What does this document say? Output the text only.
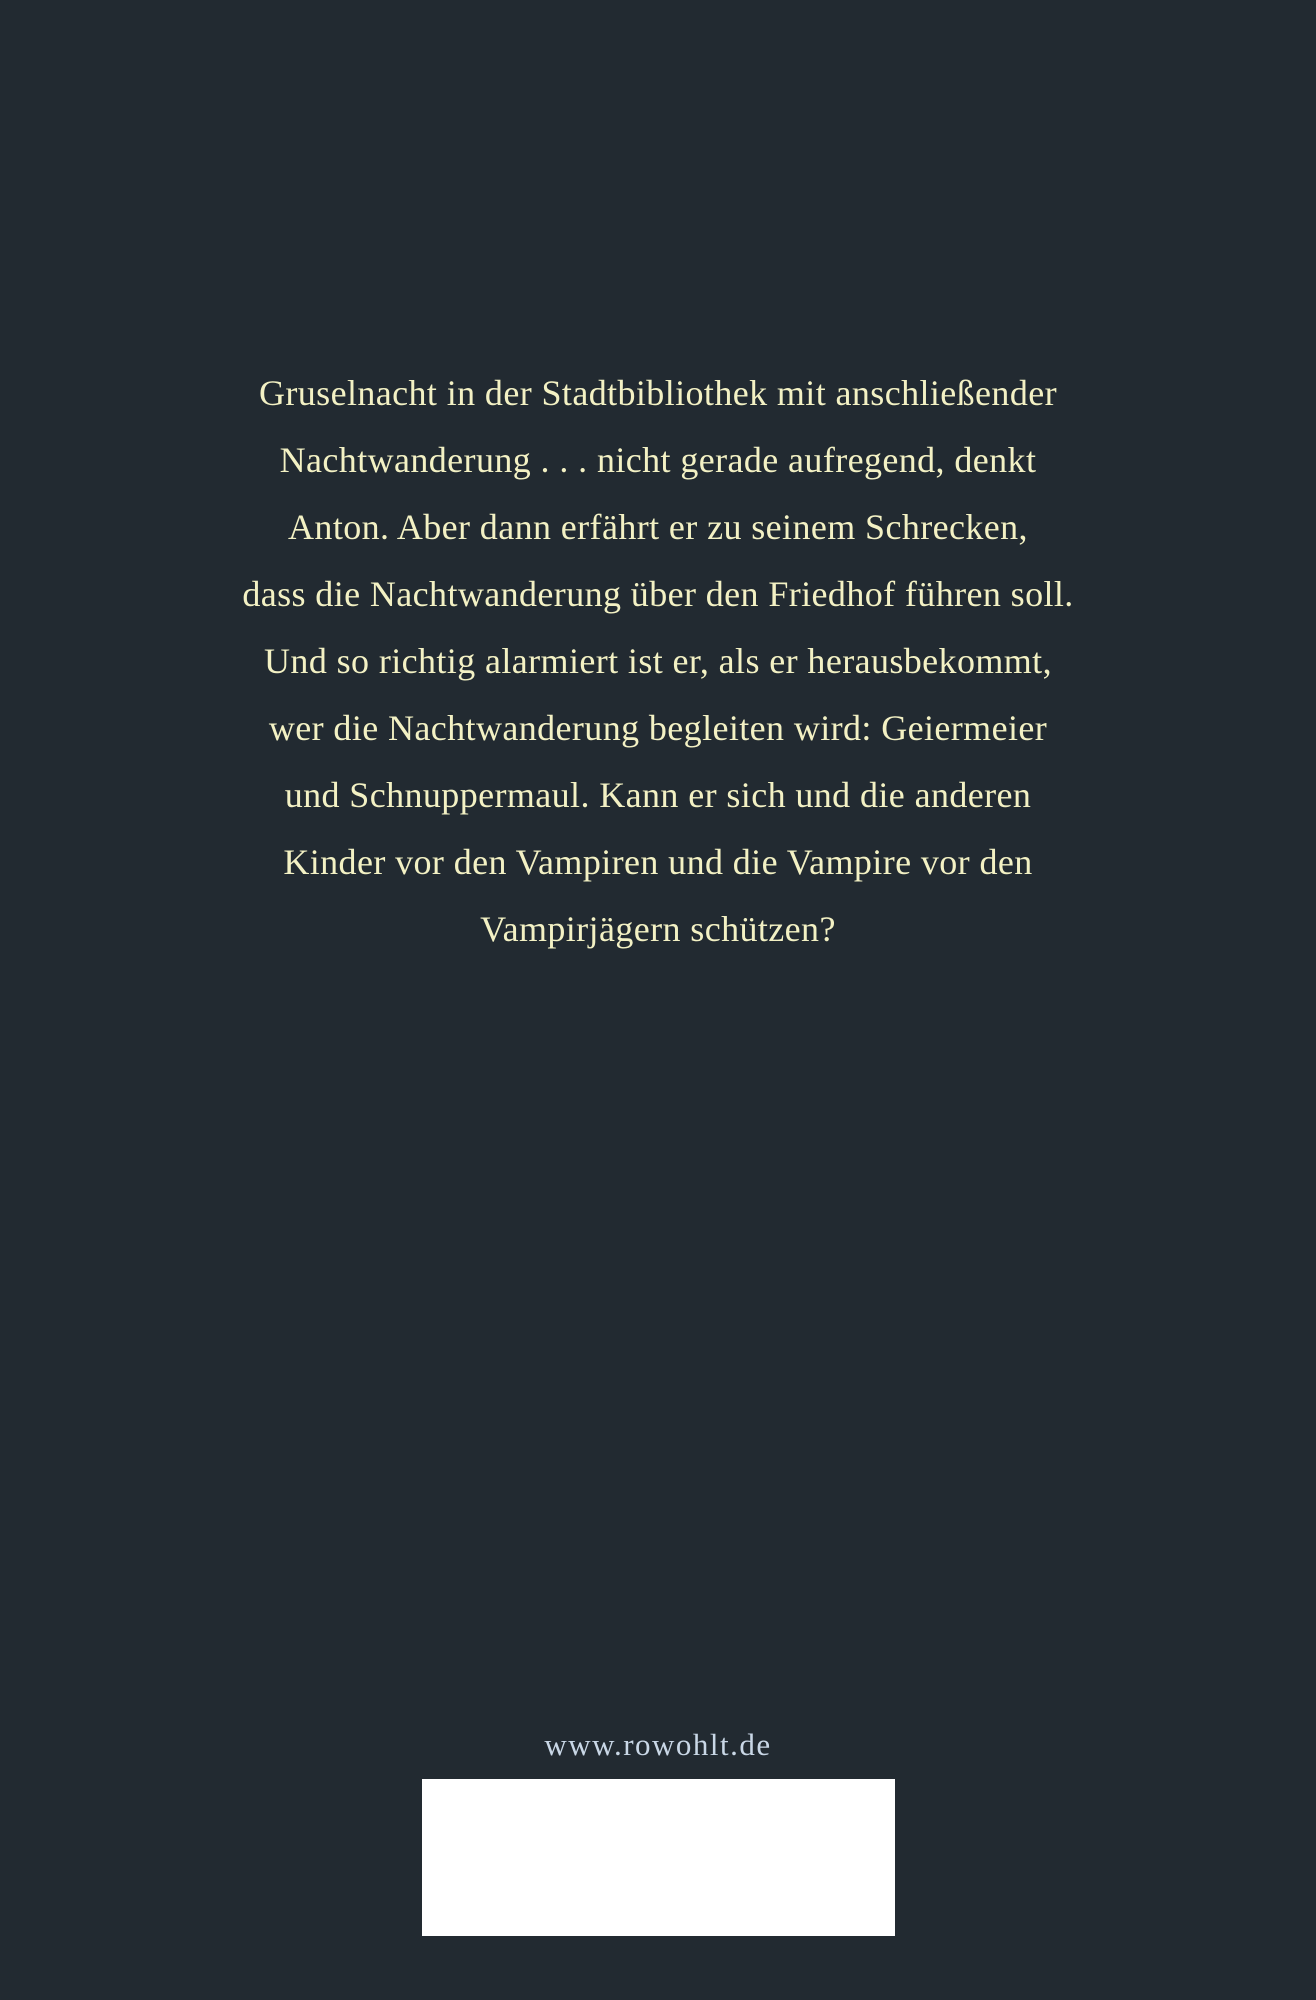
Gruselnacht in der Stadtbibliothek mit anschließender
Nachtwanderung . . . nicht gerade aufregend, denkt
Anton. Aber dann erfährt er zu seinem Schrecken,
dass die Nachtwanderung über den Friedhof führen soll.
Und so richtig alarmiert ist er, als er herausbekommt,
wer die Nachtwanderung begleiten wird: Geiermeier
und Schnuppermaul. Kann er sich und die anderen
Kinder vor den Vampiren und die Vampire vor den
Vampirjägern schützen?
www.rowohlt.de
